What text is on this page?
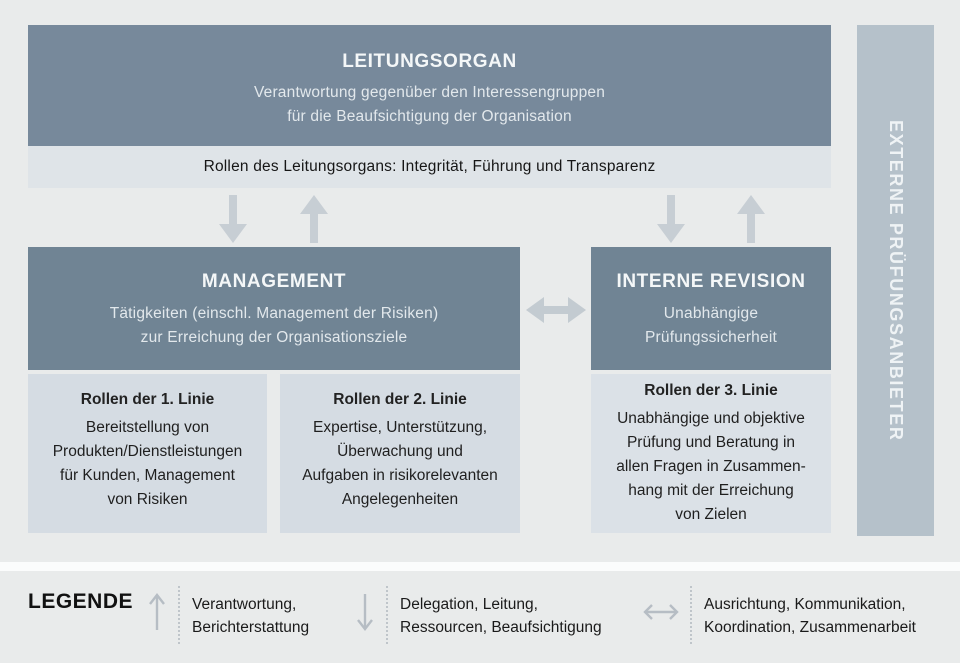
LEITUNGSORGAN
Verantwortung gegenüber den Interessengruppen
für die Beaufsichtigung der Organisation
Rollen des Leitungsorgans: Integrität, Führung und Transparenz
MANAGEMENT
Tätigkeiten (einschl. Management der Risiken)
zur Erreichung der Organisationsziele
INTERNE REVISION
Unabhängige
Prüfungssicherheit
Rollen der 1. Linie
Bereitstellung von
Produkten/Dienstleistungen
für Kunden, Management
von Risiken
Rollen der 2. Linie
Expertise, Unterstützung,
Überwachung und
Aufgaben in risikorelevanten
Angelegenheiten
Rollen der 3. Linie
Unabhängige und objektive
Prüfung und Beratung in
allen Fragen in Zusammen-
hang mit der Erreichung
von Zielen
EXTERNE PRÜFUNGSANBIETER
LEGENDE	Verantwortung,
Berichterstattung
Delegation, Leitung,
Ressourcen, Beaufsichtigung
Ausrichtung, Kommunikation,
Koordination, Zusammenarbeit
